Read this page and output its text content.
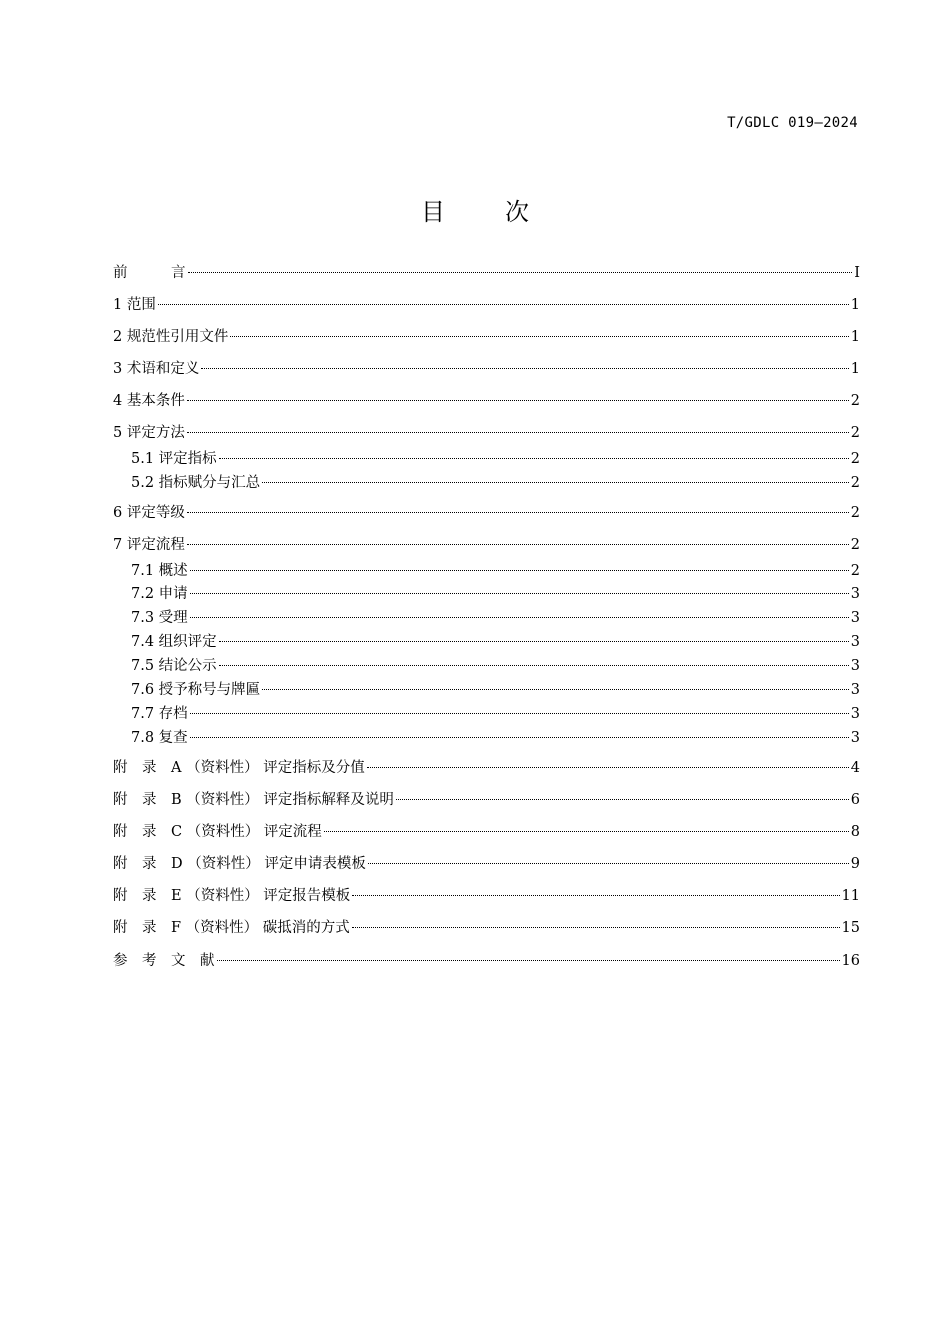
T/GDLC 019—2024
目	次
前　　　言	I
1 范围	1
2 规范性引用文件	1
3 术语和定义	1
4 基本条件	2
5 评定方法	2
5.1 评定指标	2
5.2 指标赋分与汇总	2
6 评定等级	2
7 评定流程	2
7.1 概述	2
7.2 申请	3
7.3 受理	3
7.4 组织评定	3
7.5 结论公示	3
7.6 授予称号与牌匾	3
7.7 存档	3
7.8 复查	3
附　录　A （资料性） 评定指标及分值	4
附　录　B （资料性） 评定指标解释及说明	6
附　录　C （资料性） 评定流程	8
附　录　D （资料性） 评定申请表模板	9
附　录　E （资料性） 评定报告模板	11
附　录　F （资料性） 碳抵消的方式	15
参　考　文　献	16
